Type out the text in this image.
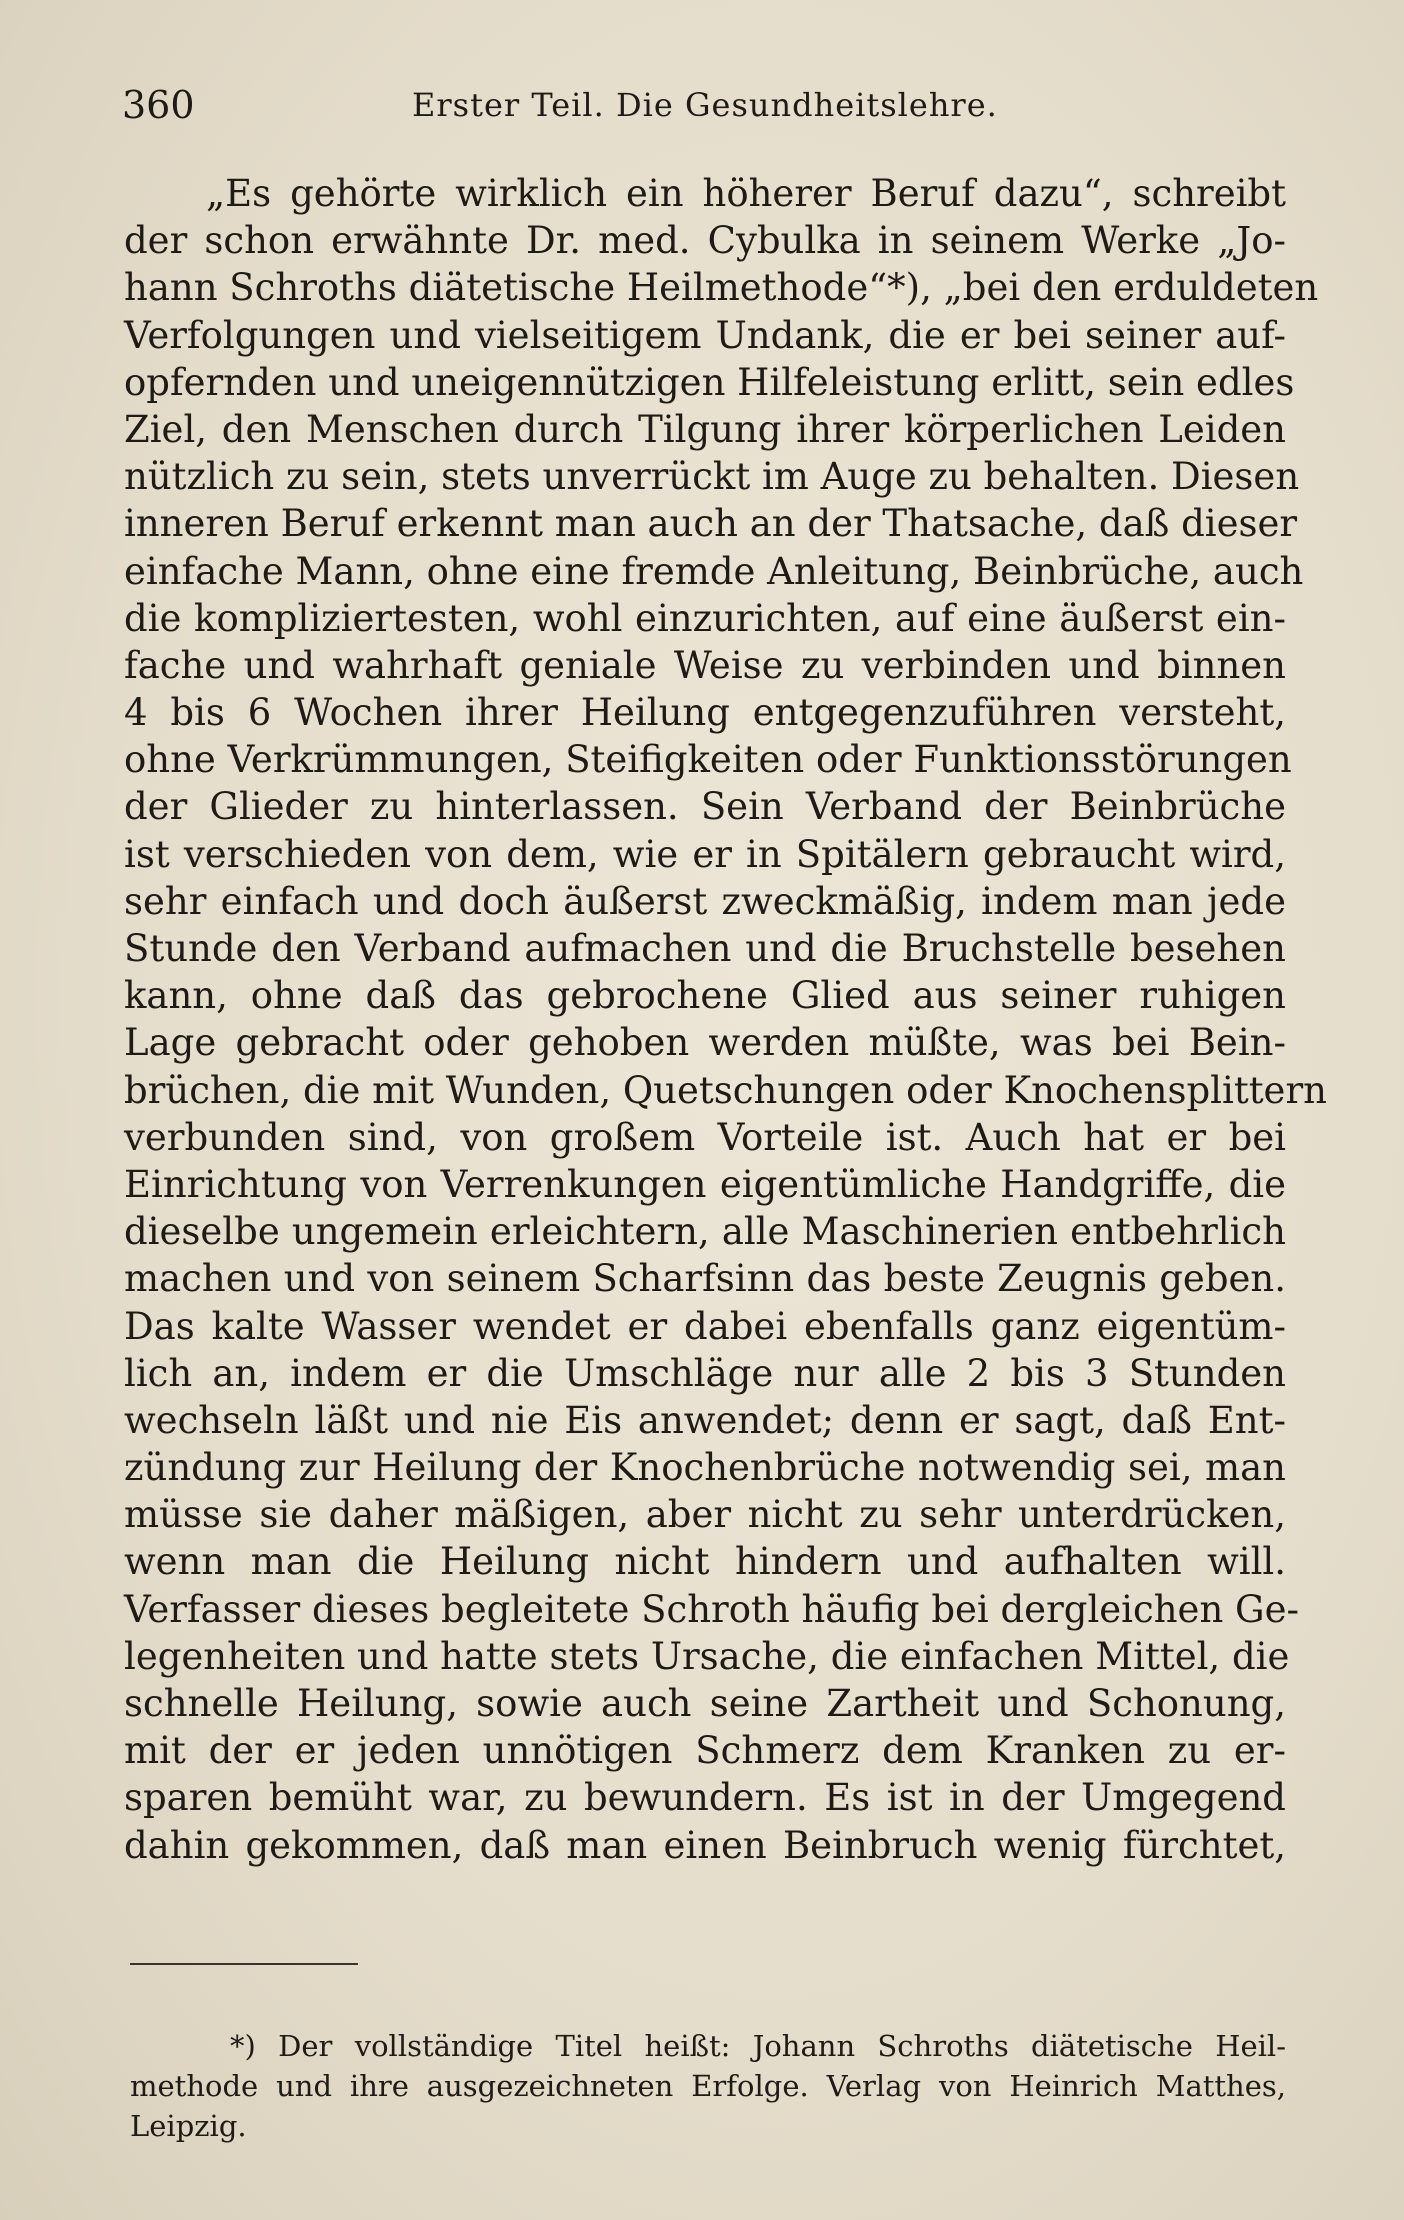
360	Erster Teil. Die Gesundheitslehre.
„Es gehörte wirklich ein höherer Beruf dazu“, schreibt
der schon erwähnte Dr. med. Cybulka in seinem Werke „Jo-
hann Schroths diätetische Heilmethode“*), „bei den erduldeten
Verfolgungen und vielseitigem Undank, die er bei seiner auf-
opfernden und uneigennützigen Hilfeleistung erlitt, sein edles
Ziel, den Menschen durch Tilgung ihrer körperlichen Leiden
nützlich zu sein, stets unverrückt im Auge zu behalten. Diesen
inneren Beruf erkennt man auch an der Thatsache, daß dieser
einfache Mann, ohne eine fremde Anleitung, Beinbrüche, auch
die kompliziertesten, wohl einzurichten, auf eine äußerst ein-
fache und wahrhaft geniale Weise zu verbinden und binnen
4 bis 6 Wochen ihrer Heilung entgegenzuführen versteht,
ohne Verkrümmungen, Steifigkeiten oder Funktionsstörungen
der Glieder zu hinterlassen. Sein Verband der Beinbrüche
ist verschieden von dem, wie er in Spitälern gebraucht wird,
sehr einfach und doch äußerst zweckmäßig, indem man jede
Stunde den Verband aufmachen und die Bruchstelle besehen
kann, ohne daß das gebrochene Glied aus seiner ruhigen
Lage gebracht oder gehoben werden müßte, was bei Bein-
brüchen, die mit Wunden, Quetschungen oder Knochensplittern
verbunden sind, von großem Vorteile ist. Auch hat er bei
Einrichtung von Verrenkungen eigentümliche Handgriffe, die
dieselbe ungemein erleichtern, alle Maschinerien entbehrlich
machen und von seinem Scharfsinn das beste Zeugnis geben.
Das kalte Wasser wendet er dabei ebenfalls ganz eigentüm-
lich an, indem er die Umschläge nur alle 2 bis 3 Stunden
wechseln läßt und nie Eis anwendet; denn er sagt, daß Ent-
zündung zur Heilung der Knochenbrüche notwendig sei, man
müsse sie daher mäßigen, aber nicht zu sehr unterdrücken,
wenn man die Heilung nicht hindern und aufhalten will.
Verfasser dieses begleitete Schroth häufig bei dergleichen Ge-
legenheiten und hatte stets Ursache, die einfachen Mittel, die
schnelle Heilung, sowie auch seine Zartheit und Schonung,
mit der er jeden unnötigen Schmerz dem Kranken zu er-
sparen bemüht war, zu bewundern. Es ist in der Umgegend
dahin gekommen, daß man einen Beinbruch wenig fürchtet,
*) Der vollständige Titel heißt: Johann Schroths diätetische Heil-
methode und ihre ausgezeichneten Erfolge. Verlag von Heinrich Matthes,
Leipzig.
